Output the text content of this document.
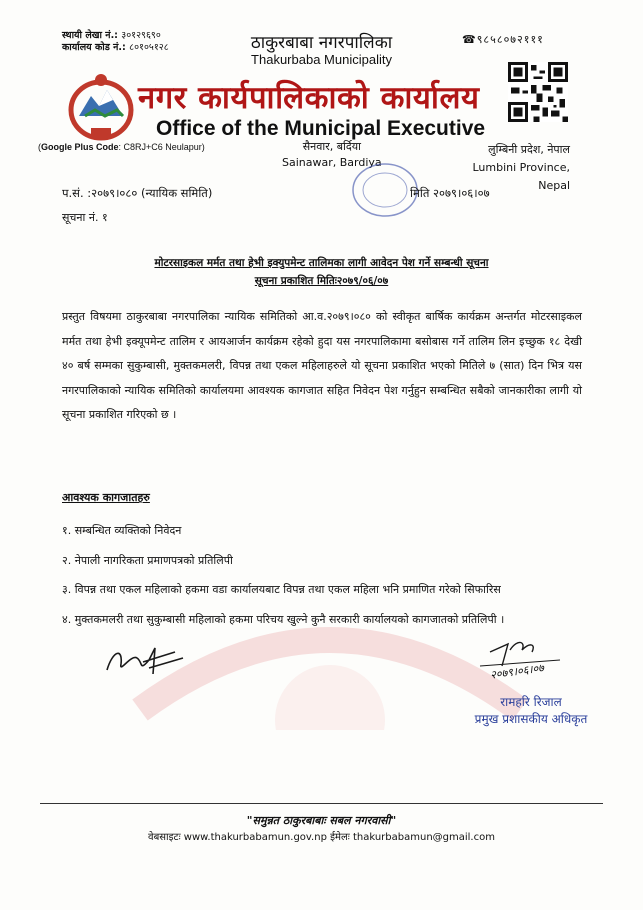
स्थायी लेखा नं.: ३०१२९६९०
कार्यालय कोड नं.: ८०१०५१२८	ठाकुरबाबा नगरपालिका	☎९८५८०७२१११
Thakurbaba Municipality
नगर कार्यपालिकाको कार्यालय
Office of the Municipal Executive
(Google Plus Code: C8RJ+C6 Neulapur)	सैनवार, बर्दिया
Sainawar, Bardiya
लुम्बिनी प्रदेश, नेपाल
Lumbini Province, Nepal
प.सं. :२०७९।०८० (न्यायिक समिति)	मिति २०७९।०६।०७
सूचना नं. १
मोटरसाइकल मर्मत तथा हेभी इक्युपमेन्ट तालिमका लागी आवेदन पेश गर्ने सम्बन्धी सूचना
सूचना प्रकाशित मितिः२०७९/०६/०७
प्रस्तुत विषयमा ठाकुरबाबा नगरपालिका न्यायिक समितिको आ.व.२०७९।०८० को स्वीकृत बार्षिक कार्यक्रम अन्तर्गत मोटरसाइकल मर्मत तथा हेभी इक्यूपमेन्ट तालिम र आयआर्जन कार्यक्रम रहेको हुदा यस नगरपालिकामा बसोबास गर्ने तालिम लिन इच्छुक १८ देखी ४० बर्ष सम्मका सुकुम्बासी, मुक्तकमलरी, विपन्न तथा एकल महिलाहरुले यो सूचना प्रकाशित भएको मितिले ७ (सात) दिन भित्र यस नगरपालिकाको न्यायिक समितिको कार्यालयमा आवश्यक कागजात सहित निवेदन पेश गर्नुहुन सम्बन्धित सबैको जानकारीका लागी यो सूचना प्रकाशित गरिएको छ ।
आवश्यक कागजातहरु
१. सम्बन्धित व्यक्तिको निवेदन
२. नेपाली नागरिकता प्रमाणपत्रको प्रतिलिपी
३. विपन्न तथा एकल महिलाको हकमा वडा कार्यालयबाट विपन्न तथा एकल महिला भनि प्रमाणित गरेको सिफारिस
४. मुक्तकमलरी तथा सुकुम्बासी महिलाको हकमा परिचय खुल्ने कुनै सरकारी कार्यालयको कागजातको प्रतिलिपी ।
२०७९।०६।०७
रामहरि रिजाल
प्रमुख प्रशासकीय अधिकृत
"समुन्नत ठाकुरबाबाः सबल नगरवासी"
वेबसाइटः www.thakurbabamun.gov.np ईमेलः thakurbabamun@gmail.com
